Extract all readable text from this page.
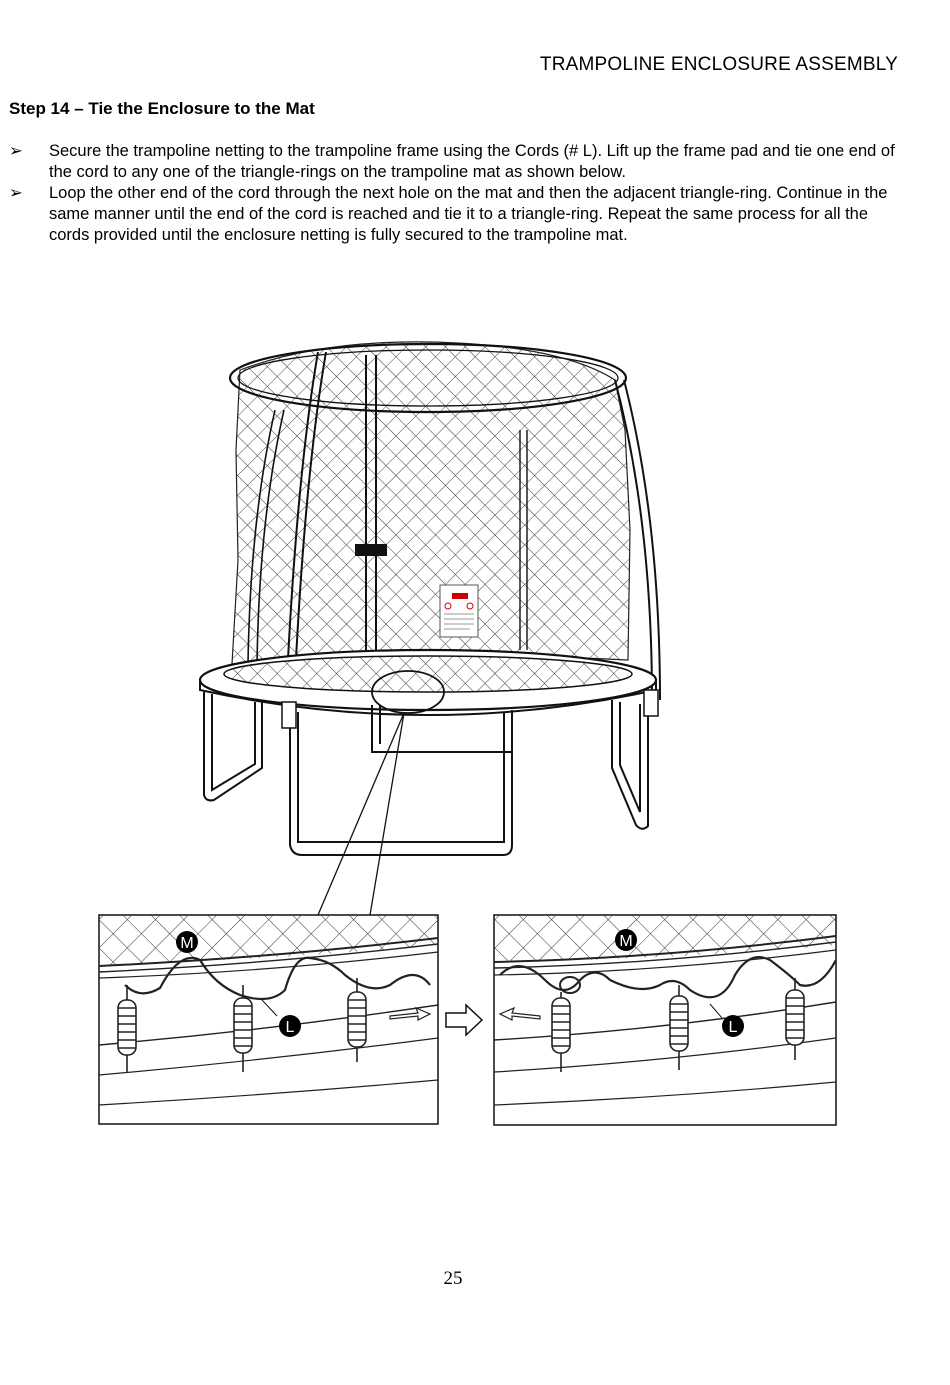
TRAMPOLINE ENCLOSURE ASSEMBLY
Step 14 – Tie the Enclosure to the Mat
➢ Secure the trampoline netting to the trampoline frame using the Cords (# L). Lift up the frame pad and tie one end of the cord to any one of the triangle-rings on the trampoline mat as shown below.
➢ Loop the other end of the cord through the next hole on the mat and then the adjacent triangle-ring. Continue in the same manner until the end of the cord is reached and tie it to a triangle-ring. Repeat the same process for all the cords provided until the enclosure netting is fully secured to the trampoline mat.
M
L
M
L
25
